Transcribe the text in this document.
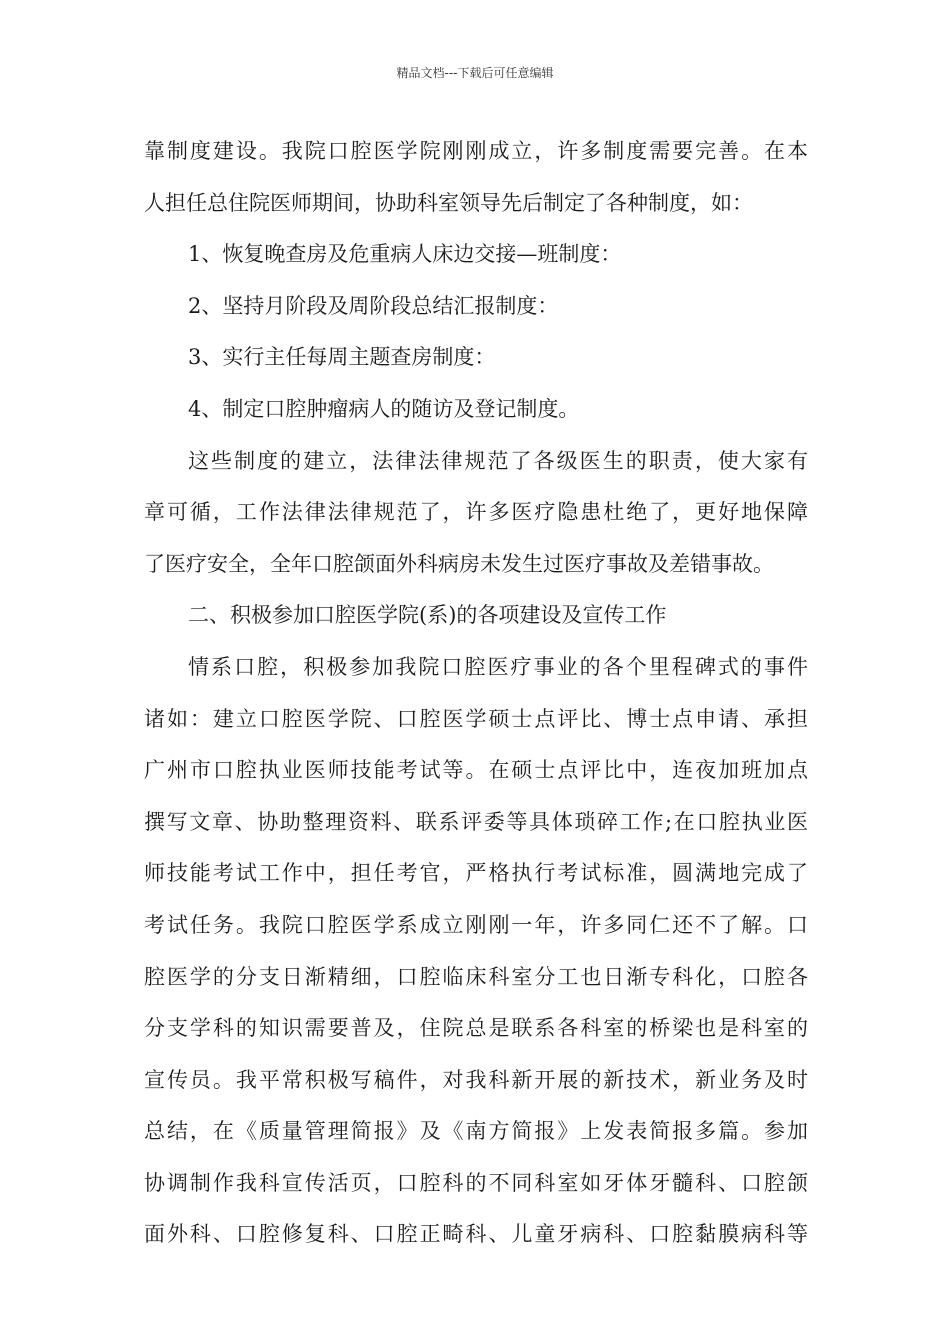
精品文档---下载后可任意编辑
靠制度建设。我院口腔医学院刚刚成立，许多制度需要完善。在本
人担任总住院医师期间，协助科室领导先后制定了各种制度，如：
1、恢复晚查房及危重病人床边交接—班制度：
2、坚持月阶段及周阶段总结汇报制度：
3、实行主任每周主题查房制度：
4、制定口腔肿瘤病人的随访及登记制度。
这些制度的建立，法律法律规范了各级医生的职责，使大家有
章可循，工作法律法律规范了，许多医疗隐患杜绝了，更好地保障
了医疗安全，全年口腔颌面外科病房未发生过医疗事故及差错事故。
二、积极参加口腔医学院(系)的各项建设及宣传工作
情系口腔，积极参加我院口腔医疗事业的各个里程碑式的事件
诸如：建立口腔医学院、口腔医学硕士点评比、博士点申请、承担
广州市口腔执业医师技能考试等。在硕士点评比中，连夜加班加点
撰写文章、协助整理资料、联系评委等具体琐碎工作;在口腔执业医
师技能考试工作中，担任考官，严格执行考试标准，圆满地完成了
考试任务。我院口腔医学系成立刚刚一年，许多同仁还不了解。口
腔医学的分支日渐精细，口腔临床科室分工也日渐专科化，口腔各
分支学科的知识需要普及，住院总是联系各科室的桥梁也是科室的
宣传员。我平常积极写稿件，对我科新开展的新技术，新业务及时
总结，在《质量管理简报》及《南方简报》上发表简报多篇。参加
协调制作我科宣传活页，口腔科的不同科室如牙体牙髓科、口腔颌
面外科、口腔修复科、口腔正畸科、儿童牙病科、口腔黏膜病科等
